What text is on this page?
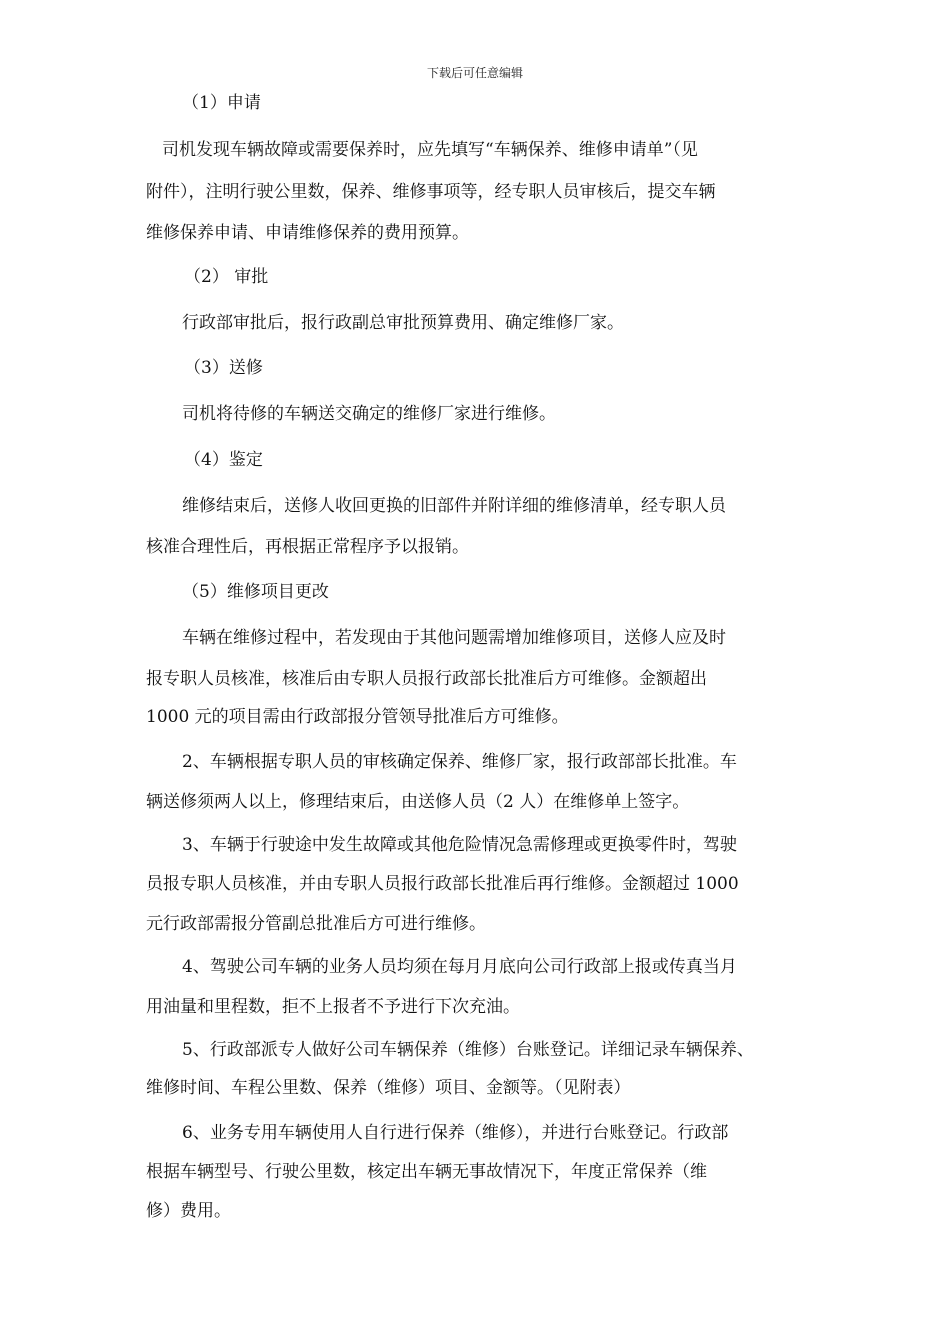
下载后可任意编辑
（1）申请
司机发现车辆故障或需要保养时，应先填写“车辆保养、维修申请单”（见
附件），注明行驶公里数，保养、维修事项等，经专职人员审核后，提交车辆
维修保养申请、申请维修保养的费用预算。
（2） 审批
行政部审批后，报行政副总审批预算费用、确定维修厂家。
（3）送修
司机将待修的车辆送交确定的维修厂家进行维修。
（4）鉴定
维修结束后，送修人收回更换的旧部件并附详细的维修清单，经专职人员
核准合理性后，再根据正常程序予以报销。
（5）维修项目更改
车辆在维修过程中，若发现由于其他问题需增加维修项目，送修人应及时
报专职人员核准，核准后由专职人员报行政部长批准后方可维修。金额超出
1000 元的项目需由行政部报分管领导批准后方可维修。
2、车辆根据专职人员的审核确定保养、维修厂家，报行政部部长批准。车
辆送修须两人以上，修理结束后，由送修人员（2 人）在维修单上签字。
3、车辆于行驶途中发生故障或其他危险情况急需修理或更换零件时，驾驶
员报专职人员核准，并由专职人员报行政部长批准后再行维修。金额超过 1000
元行政部需报分管副总批准后方可进行维修。
4、驾驶公司车辆的业务人员均须在每月月底向公司行政部上报或传真当月
用油量和里程数，拒不上报者不予进行下次充油。
5、行政部派专人做好公司车辆保养（维修）台账登记。详细记录车辆保养、
维修时间、车程公里数、保养（维修）项目、金额等。（见附表）
6、业务专用车辆使用人自行进行保养（维修），并进行台账登记。行政部
根据车辆型号、行驶公里数，核定出车辆无事故情况下，年度正常保养（维
修）费用。
